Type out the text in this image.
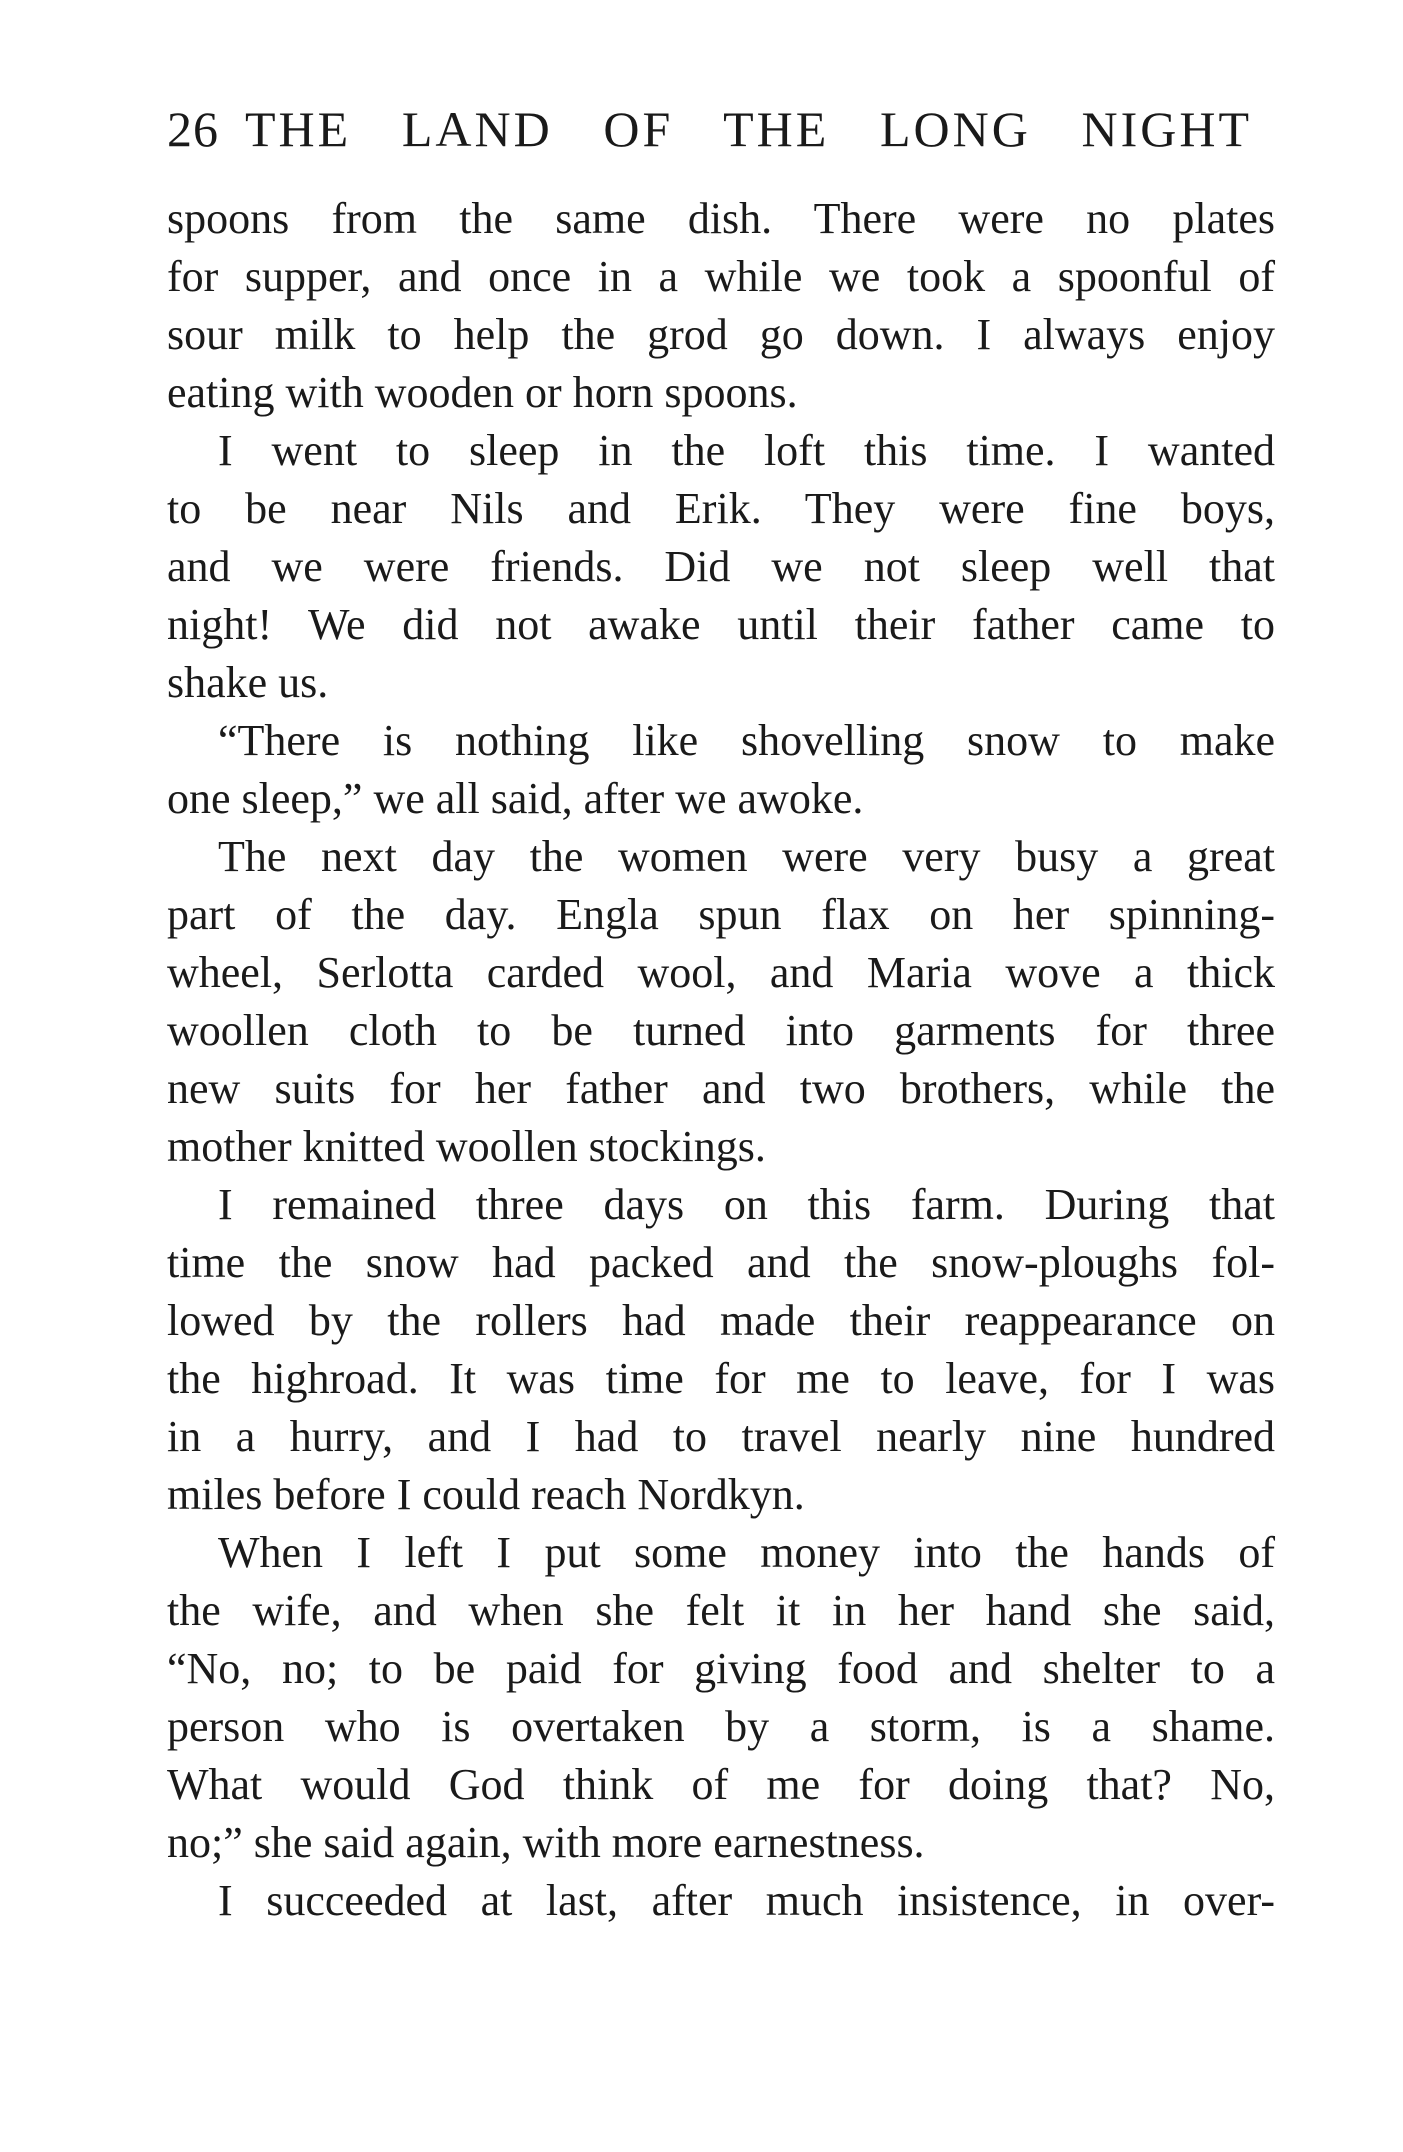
26 THE LAND OF THE LONG NIGHT
spoons from the same dish. There were no plates
for supper, and once in a while we took a spoonful of
sour milk to help the grod go down. I always enjoy
eating with wooden or horn spoons.
I went to sleep in the loft this time. I wanted
to be near Nils and Erik. They were fine boys,
and we were friends. Did we not sleep well that
night! We did not awake until their father came to
shake us.
“There is nothing like shovelling snow to make
one sleep,” we all said, after we awoke.
The next day the women were very busy a great
part of the day. Engla spun flax on her spinning-
wheel, Serlotta carded wool, and Maria wove a thick
woollen cloth to be turned into garments for three
new suits for her father and two brothers, while the
mother knitted woollen stockings.
I remained three days on this farm. During that
time the snow had packed and the snow-ploughs fol-
lowed by the rollers had made their reappearance on
the highroad. It was time for me to leave, for I was
in a hurry, and I had to travel nearly nine hundred
miles before I could reach Nordkyn.
When I left I put some money into the hands of
the wife, and when she felt it in her hand she said,
“No, no; to be paid for giving food and shelter to a
person who is overtaken by a storm, is a shame.
What would God think of me for doing that? No,
no;” she said again, with more earnestness.
I succeeded at last, after much insistence, in over-
